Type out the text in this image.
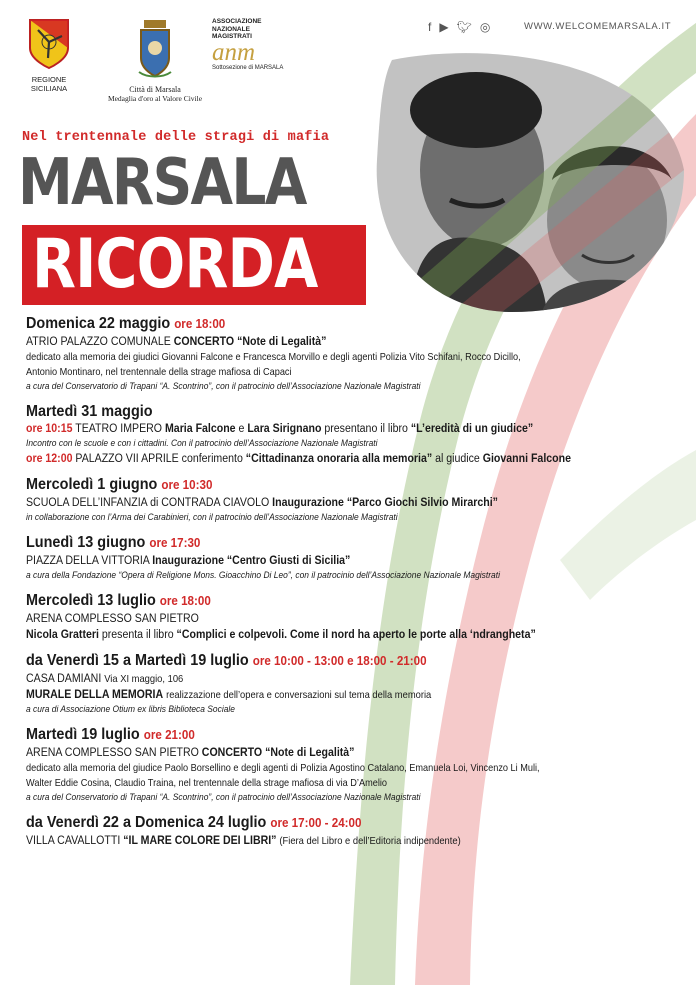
REGIONE SICILIANA	Città di Marsala
Medaglia d'oro al Valore Civile
ASSOCIAZIONE
NAZIONALE
MAGISTRATI
anm
Sottosezione di MARSALA
f ▶ 🐦︎ ◎	WWW.WELCOMEMARSALA.IT
Nel trentennale delle stragi di mafia
MARSALA
RICORDA
Domenica 22 maggio ore 18:00
ATRIO PALAZZO COMUNALE CONCERTO “Note di Legalità”
dedicato alla memoria dei giudici Giovanni Falcone e Francesca Morvillo e degli agenti Polizia Vito Schifani, Rocco Dicillo,
Antonio Montinaro, nel trentennale della strage mafiosa di Capaci
a cura del Conservatorio di Trapani “A. Scontrino”, con il patrocinio dell’Associazione Nazionale Magistrati
Martedì 31 maggio
ore 10:15 TEATRO IMPERO Maria Falcone e Lara Sirignano presentano il libro “L’eredità di un giudice”
Incontro con le scuole e con i cittadini. Con il patrocinio dell’Associazione Nazionale Magistrati
ore 12:00 PALAZZO VII APRILE conferimento “Cittadinanza onoraria alla memoria” al giudice Giovanni Falcone
Mercoledì 1 giugno ore 10:30
SCUOLA DELL’INFANZIA di CONTRADA CIAVOLO Inaugurazione “Parco Giochi Silvio Mirarchi”
in collaborazione con l’Arma dei Carabinieri, con il patrocinio dell’Associazione Nazionale Magistrati
Lunedì 13 giugno ore 17:30
PIAZZA DELLA VITTORIA Inaugurazione “Centro Giusti di Sicilia”
a cura della Fondazione “Opera di Religione Mons. Gioacchino Di Leo”, con il patrocinio dell’Associazione Nazionale Magistrati
Mercoledì 13 luglio ore 18:00
ARENA COMPLESSO SAN PIETRO
Nicola Gratteri presenta il libro “Complici e colpevoli. Come il nord ha aperto le porte alla ‘ndrangheta”
da Venerdì 15 a Martedì 19 luglio ore 10:00 - 13:00 e 18:00 - 21:00
CASA DAMIANI Via XI maggio, 106
MURALE DELLA MEMORIA realizzazione dell’opera e conversazioni sul tema della memoria
a cura di Associazione Otium ex libris Biblioteca Sociale
Martedì 19 luglio ore 21:00
ARENA COMPLESSO SAN PIETRO CONCERTO “Note di Legalità”
dedicato alla memoria del giudice Paolo Borsellino e degli agenti di Polizia Agostino Catalano, Emanuela Loi, Vincenzo Li Muli,
Walter Eddie Cosina, Claudio Traina, nel trentennale della strage mafiosa di via D’Amelio
a cura del Conservatorio di Trapani “A. Scontrino”, con il patrocinio dell’Associazione Nazionale Magistrati
da Venerdì 22 a Domenica 24 luglio ore 17:00 - 24:00
VILLA CAVALLOTTI “IL MARE COLORE DEI LIBRI” (Fiera del Libro e dell’Editoria indipendente)
